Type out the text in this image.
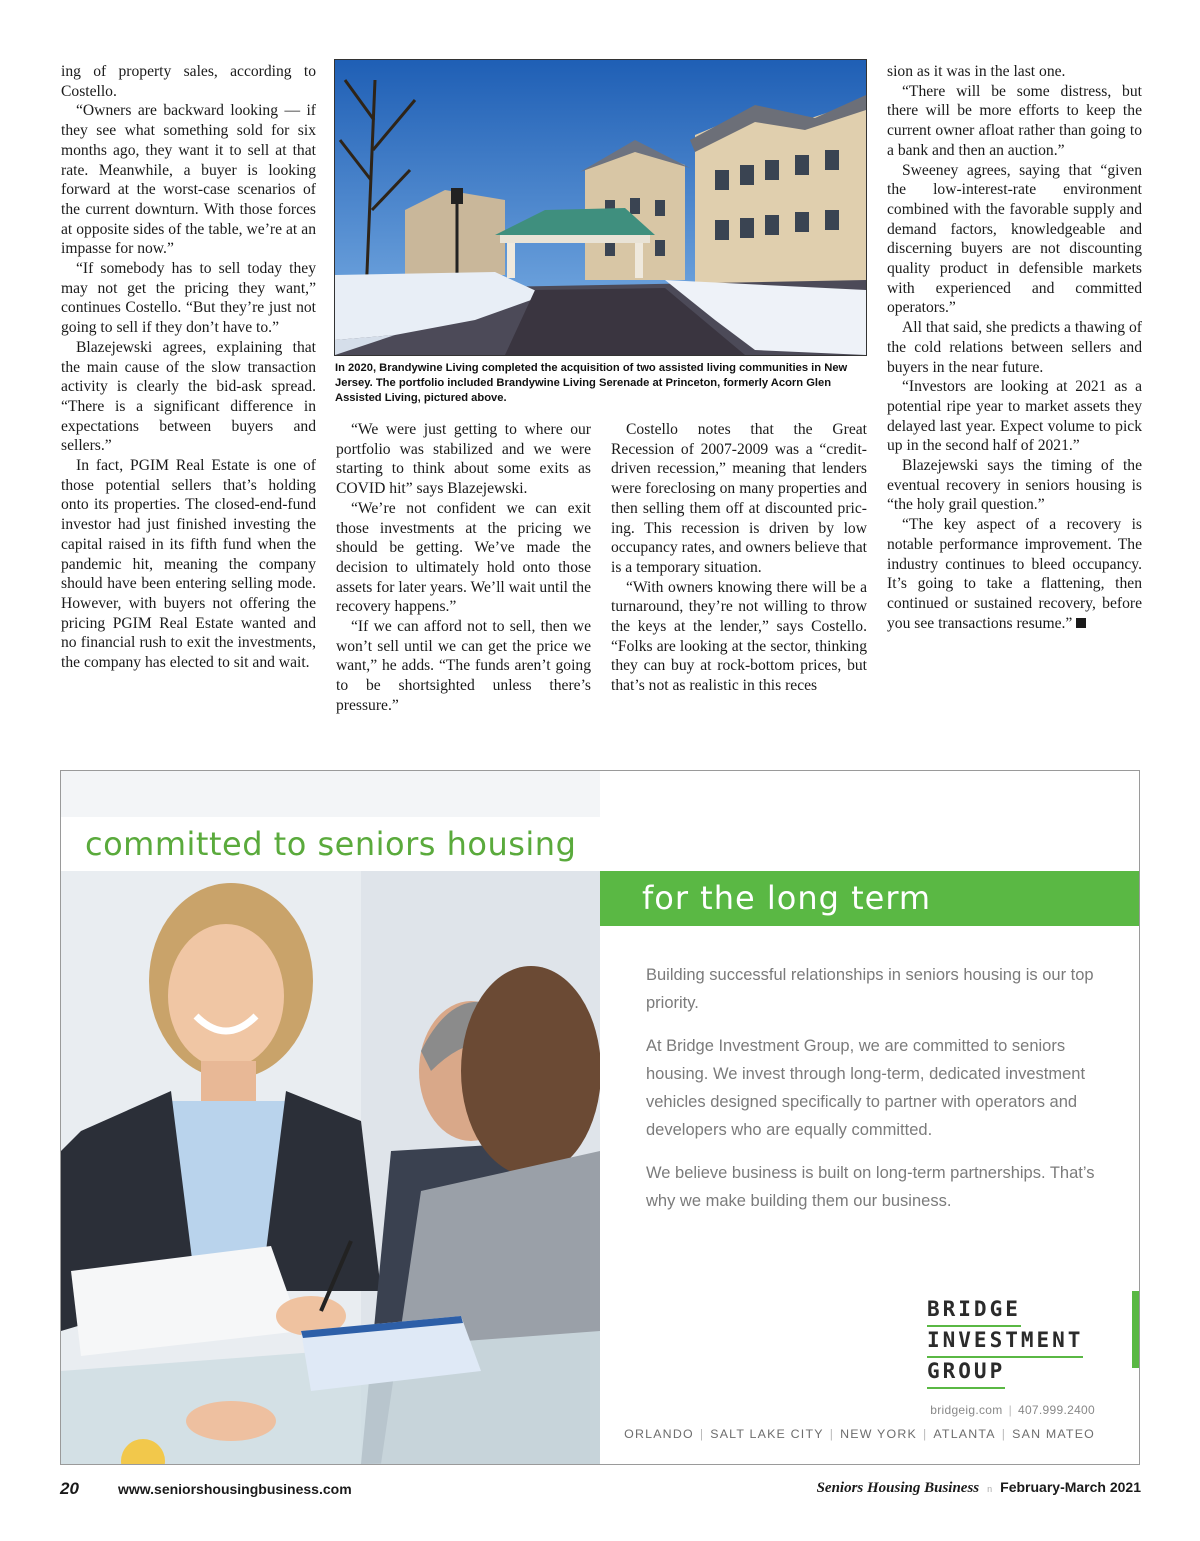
ing of property sales, according to Costello.

“Owners are backward looking — if they see what something sold for six months ago, they want it to sell at that rate. Meanwhile, a buyer is looking forward at the worst-case scenarios of the current downturn. With those forces at opposite sides of the table, we’re at an impasse for now.”

“If somebody has to sell today they may not get the pricing they want,” continues Costello. “But they’re just not going to sell if they don’t have to.”

Blazejewski agrees, explaining that the main cause of the slow transaction activity is clearly the bid-ask spread. “There is a significant difference in expectations between buyers and sellers.”

In fact, PGIM Real Estate is one of those potential sellers that’s holding onto its properties. The closed-end-fund investor had just finished investing the capital raised in its fifth fund when the pandemic hit, meaning the company should have been entering selling mode. However, with buyers not offering the pricing PGIM Real Estate wanted and no financial rush to exit the investments, the company has elected to sit and wait.

“We were just getting to where our portfolio was stabilized and we were starting to think about some exits as COVID hit” says Blazejewski.

“We’re not confident we can exit those investments at the pricing we should be getting. We’ve made the decision to ultimately hold onto those assets for later years. We’ll wait until the recovery happens.”

“If we can afford not to sell, then we won’t sell until we can get the price we want,” he adds. “The funds aren’t going to be shortsighted unless there’s pressure.”

Costello notes that the Great Recession of 2007-2009 was a “credit-driven recession,” meaning that lenders were foreclosing on many properties and then selling them off at discounted pricing. This recession is driven by low occupancy rates, and owners believe that is a temporary situation.

“With owners knowing there will be a turnaround, they’re not willing to throw the keys at the lender,” says Costello. “Folks are looking at the sector, thinking they can buy at rock-bottom prices, but that’s not as realistic in this reces

sion as it was in the last one.

“There will be some distress, but there will be more efforts to keep the current owner afloat rather than going to a bank and then an auction.”

Sweeney agrees, saying that “given the low-interest-rate environment combined with the favorable supply and demand factors, knowledgeable and discerning buyers are not discounting quality product in defensible markets with experienced and committed operators.”

All that said, she predicts a thawing of the cold relations between sellers and buyers in the near future.

“Investors are looking at 2021 as a potential ripe year to market assets they delayed last year. Expect volume to pick up in the second half of 2021.”

Blazejewski says the timing of the eventual recovery in seniors housing is “the holy grail question.”

“The key aspect of a recovery is notable performance improvement. The industry continues to bleed occupancy. It’s going to take a flattening, then continued or sustained recovery, before you see transactions resume.”

In 2020, Brandywine Living completed the acquisition of two assisted living communities in New Jersey. The portfolio included Brandywine Living Serenade at Princeton, formerly Acorn Glen Assisted Living, pictured above.
committed to seniors housing
for the long term

Building successful relationships in seniors housing is our top priority.

At Bridge Investment Group, we are committed to seniors housing. We invest through long-term, dedicated investment vehicles designed specifically to partner with operators and developers who are equally committed.

We believe business is built on long-term partnerships. That’s why we make building them our business.

BRIDGE
INVESTMENT
GROUP
bridgeig.com | 407.999.2400
ORLANDO | SALT LAKE CITY | NEW YORK | ATLANTA | SAN MATEO
20	www.seniorshousingbusiness.com	Seniors Housing Business n February-March 2021
